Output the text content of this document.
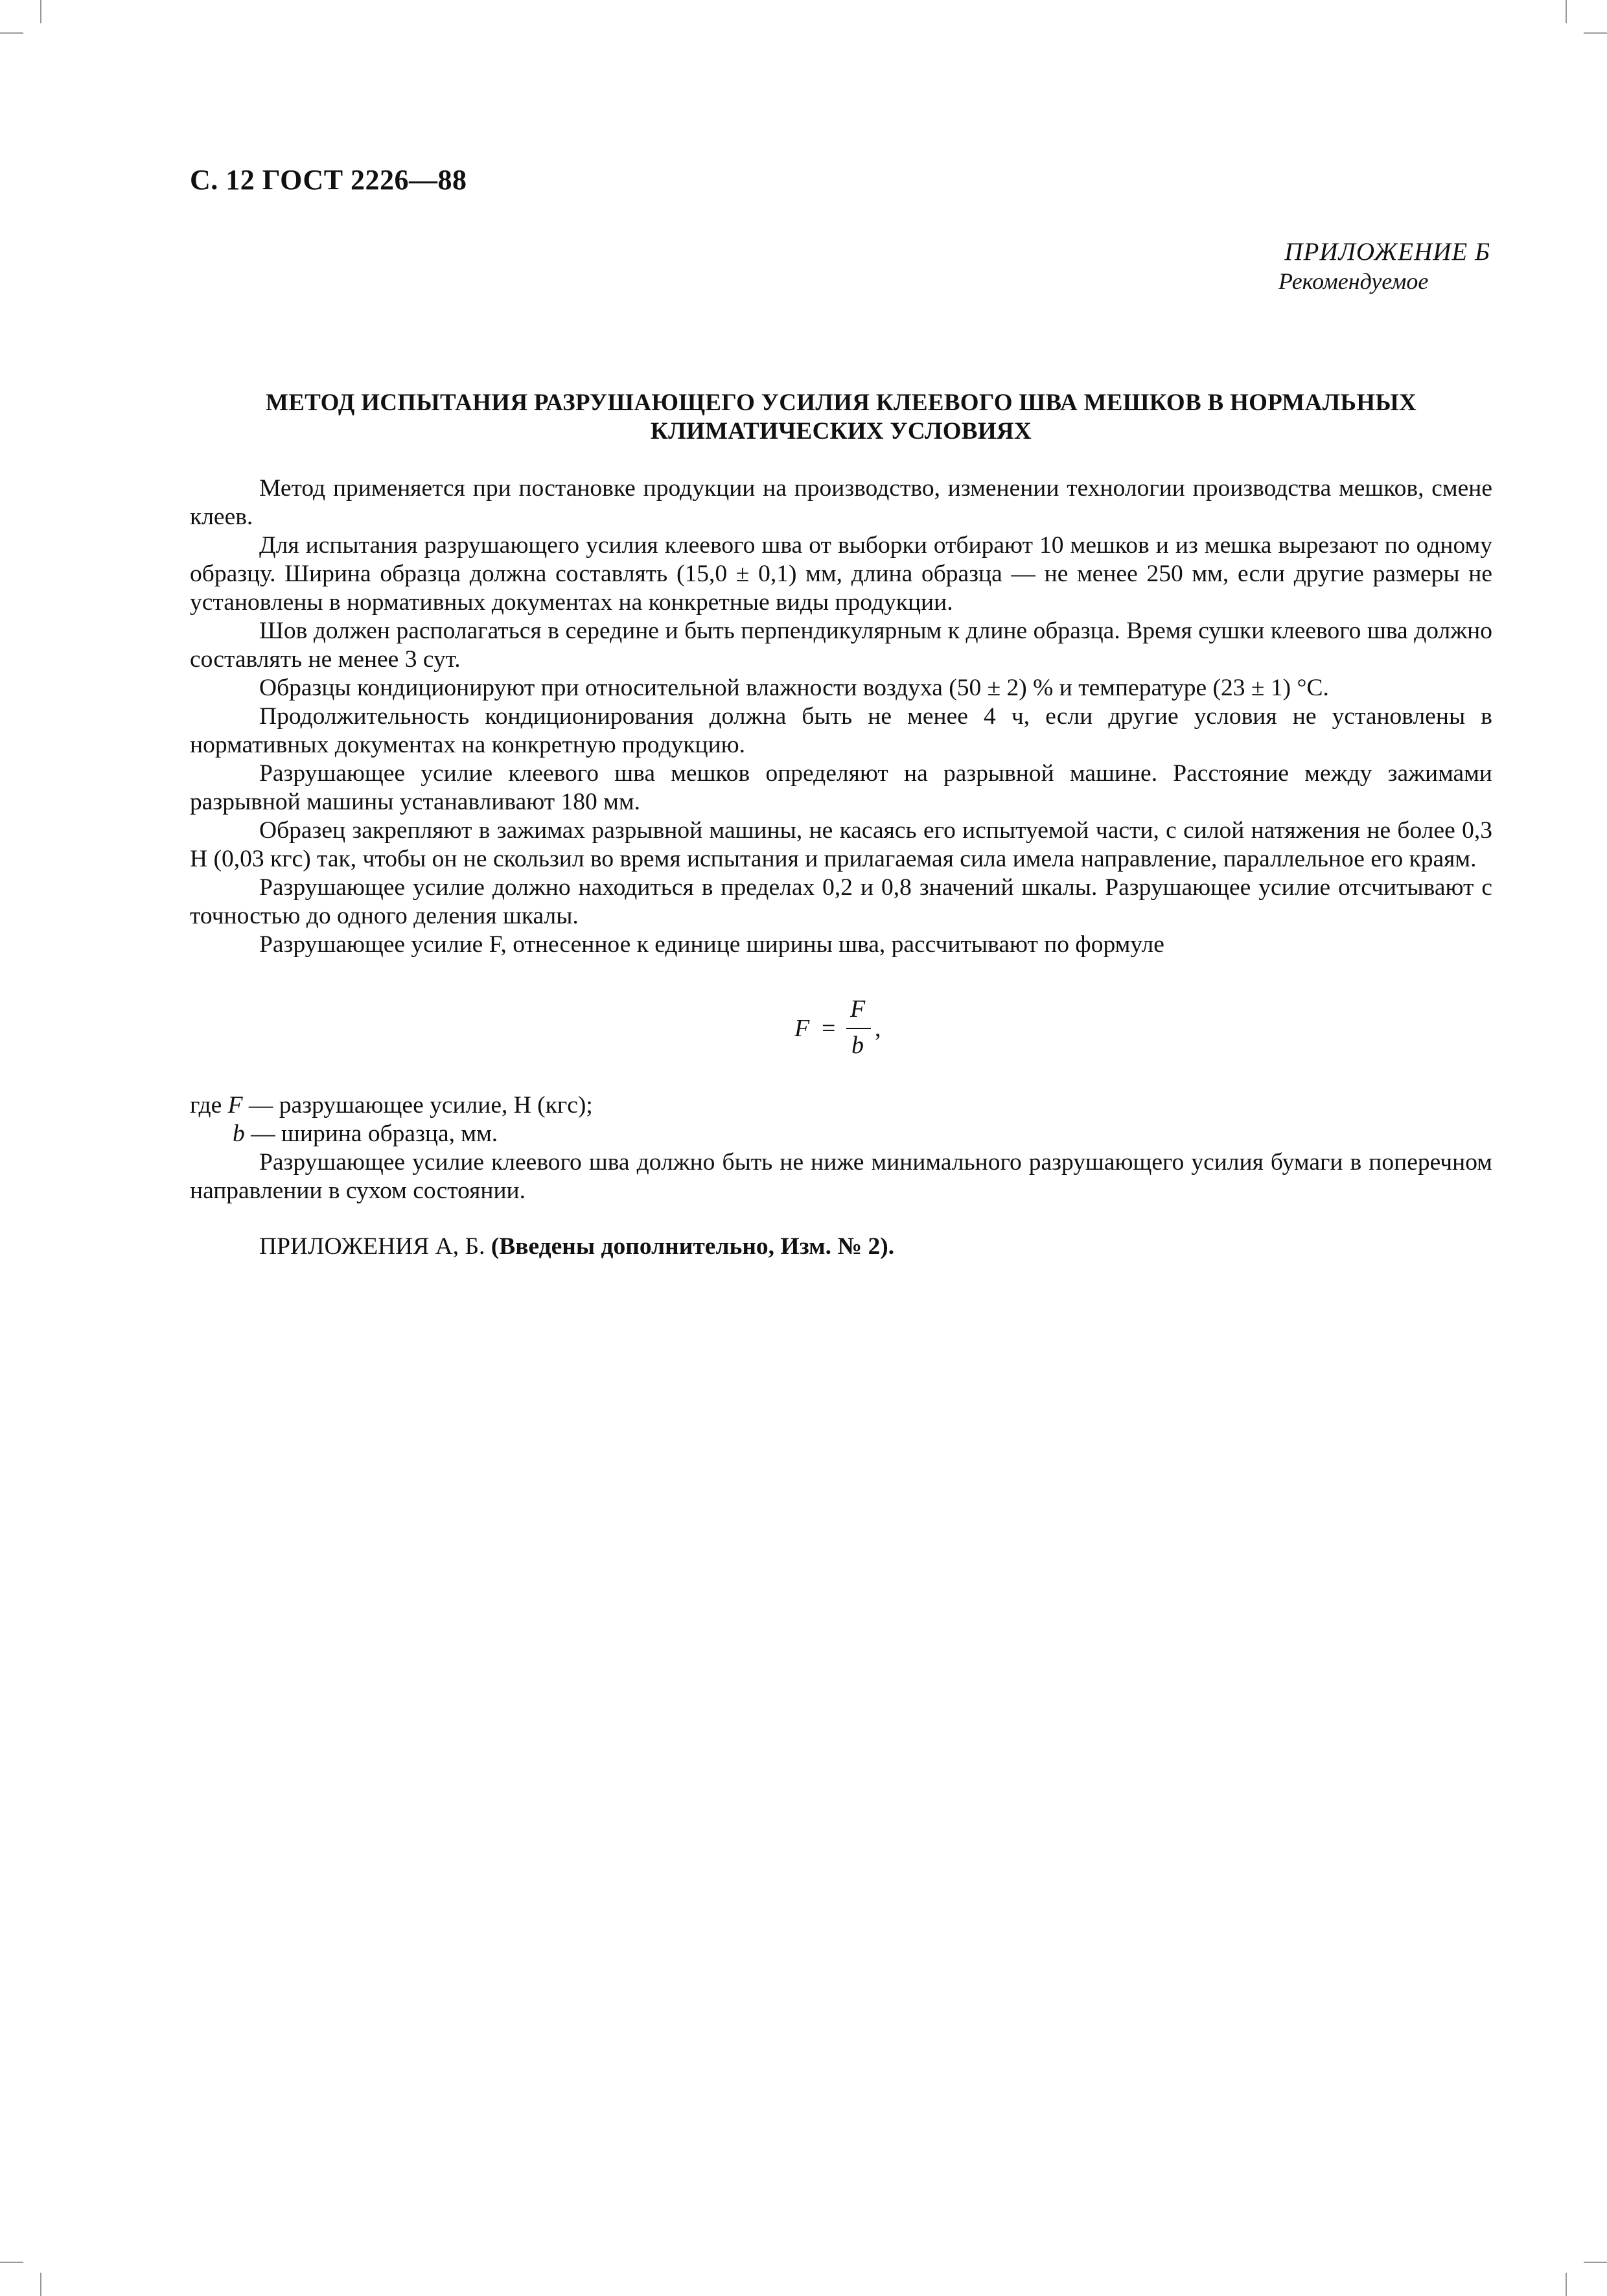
С. 12 ГОСТ 2226—88
ПРИЛОЖЕНИЕ Б
Рекомендуемое
МЕТОД ИСПЫТАНИЯ РАЗРУШАЮЩЕГО УСИЛИЯ КЛЕЕВОГО ШВА МЕШКОВ В НОРМАЛЬНЫХ
КЛИМАТИЧЕСКИХ УСЛОВИЯХ

Метод применяется при постановке продукции на производство, изменении технологии производства мешков, смене клеев.

Для испытания разрушающего усилия клеевого шва от выборки отбирают 10 мешков и из мешка вырезают по одному образцу. Ширина образца должна составлять (15,0 ± 0,1) мм, длина образца — не менее 250 мм, если другие размеры не установлены в нормативных документах на конкретные виды продукции.

Шов должен располагаться в середине и быть перпендикулярным к длине образца. Время сушки клеевого шва должно составлять не менее 3 сут.

Образцы кондиционируют при относительной влажности воздуха (50 ± 2) % и температуре (23 ± 1) °С.

Продолжительность кондиционирования должна быть не менее 4 ч, если другие условия не установлены в нормативных документах на конкретную продукцию.

Разрушающее усилие клеевого шва мешков определяют на разрывной машине. Расстояние между зажимами разрывной машины устанавливают 180 мм.

Образец закрепляют в зажимах разрывной машины, не касаясь его испытуемой части, с силой натяжения не более 0,3 Н (0,03 кгс) так, чтобы он не скользил во время испытания и прилагаемая сила имела направление, параллельное его краям.

Разрушающее усилие должно находиться в пределах 0,2 и 0,8 значений шкалы. Разрушающее усилие отсчитывают с точностью до одного деления шкалы.

Разрушающее усилие F, отнесенное к единице ширины шва, рассчитывают по формуле

F =
F
b
,
где F — разрушающее усилие, Н (кгс);
b — ширина образца, мм.

Разрушающее усилие клеевого шва должно быть не ниже минимального разрушающего усилия бумаги в поперечном направлении в сухом состоянии.

ПРИЛОЖЕНИЯ А, Б. (Введены дополнительно, Изм. № 2).
